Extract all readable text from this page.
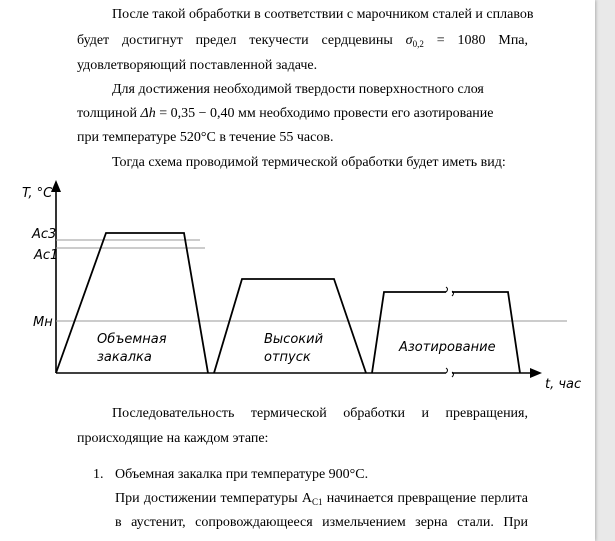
После такой обработки в соответствии с марочником сталей и сплавов

будет достигнут предел текучести сердцевины $\sigma_{0,2} = 1080$ Мпа,

удовлетворяющий поставленной задаче.

Для достижения необходимой твердости поверхностного слоя

толщиной Δh = 0,35 − 0,40 мм необходимо провести его азотирование

при температуре 520°С в течение 55 часов.

Тогда схема проводимой термической обработки будет иметь вид:

T, °C
t, час
Ac3
Ac1
Mн
Объемная
закалка
Высокий
отпуск
Азотирование

Последовательность термической обработки и превращения,

происходящие на каждом этапе:

1. Объемная закалка при температуре 900°С.

При достижении температуры $А_{С1}$ начинается превращение перлита

в аустенит, сопровождающееся измельчением зерна стали. При
